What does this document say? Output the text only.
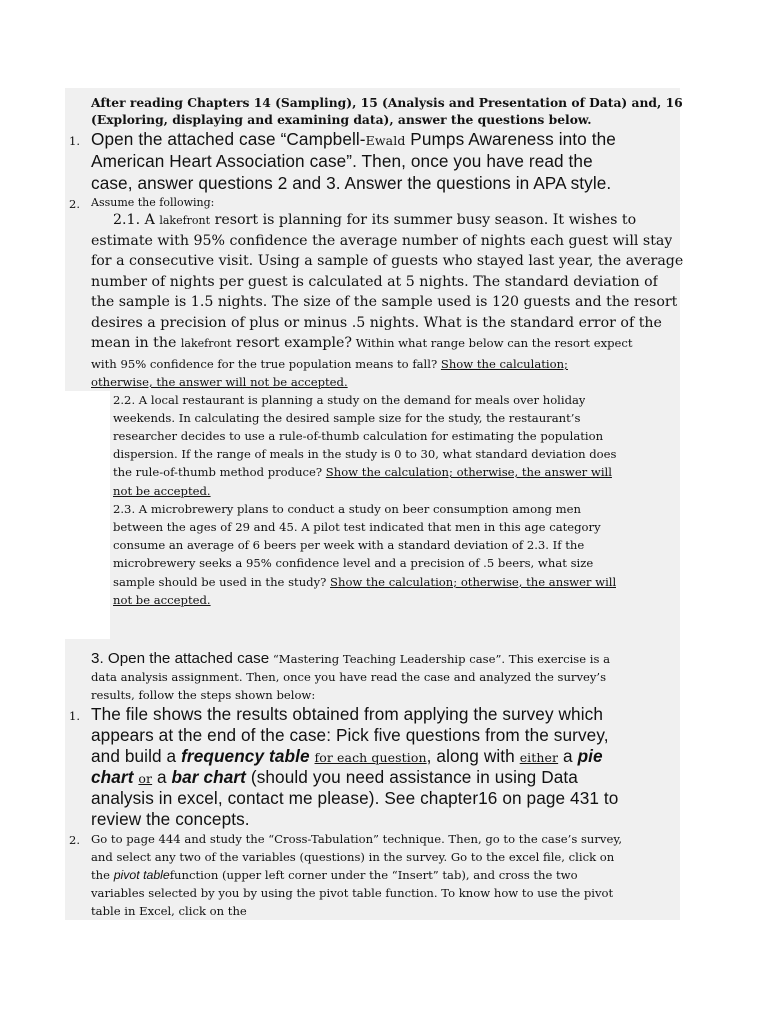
After reading Chapters 14 (Sampling), 15 (Analysis and Presentation of Data) and, 16
(Exploring, displaying and examining data), answer the questions below.
1. Open the attached case “Campbell-Ewald Pumps Awareness into the
American Heart Association case”. Then, once you have read the
case, answer questions 2 and 3. Answer the questions in APA style.
2. Assume the following:
2.1. A lakefront resort is planning for its summer busy season. It wishes to
estimate with 95% confidence the average number of nights each guest will stay
for a consecutive visit. Using a sample of guests who stayed last year, the average
number of nights per guest is calculated at 5 nights. The standard deviation of
the sample is 1.5 nights. The size of the sample used is 120 guests and the resort
desires a precision of plus or minus .5 nights. What is the standard error of the
mean in the lakefront resort example? Within what range below can the resort expect
with 95% confidence for the true population means to fall? Show the calculation;
otherwise, the answer will not be accepted.
2.2. A local restaurant is planning a study on the demand for meals over holiday
weekends. In calculating the desired sample size for the study, the restaurant’s
researcher decides to use a rule-of-thumb calculation for estimating the population
dispersion. If the range of meals in the study is 0 to 30, what standard deviation does
the rule-of-thumb method produce? Show the calculation; otherwise, the answer will
not be accepted.
2.3. A microbrewery plans to conduct a study on beer consumption among men
between the ages of 29 and 45. A pilot test indicated that men in this age category
consume an average of 6 beers per week with a standard deviation of 2.3. If the
microbrewery seeks a 95% confidence level and a precision of .5 beers, what size
sample should be used in the study? Show the calculation; otherwise, the answer will
not be accepted.
3. Open the attached case “Mastering Teaching Leadership case”. This exercise is a
data analysis assignment. Then, once you have read the case and analyzed the survey’s
results, follow the steps shown below:
1. The file shows the results obtained from applying the survey which
appears at the end of the case: Pick five questions from the survey,
and build a frequency table for each question, along with either a pie
chart or a bar chart (should you need assistance in using Data
analysis in excel, contact me please). See chapter16 on page 431 to
review the concepts.
2. Go to page 444 and study the “Cross-Tabulation” technique. Then, go to the case’s survey,
and select any two of the variables (questions) in the survey. Go to the excel file, click on
the pivot tablefunction (upper left corner under the “Insert” tab), and cross the two
variables selected by you by using the pivot table function. To know how to use the pivot
table in Excel, click on the
